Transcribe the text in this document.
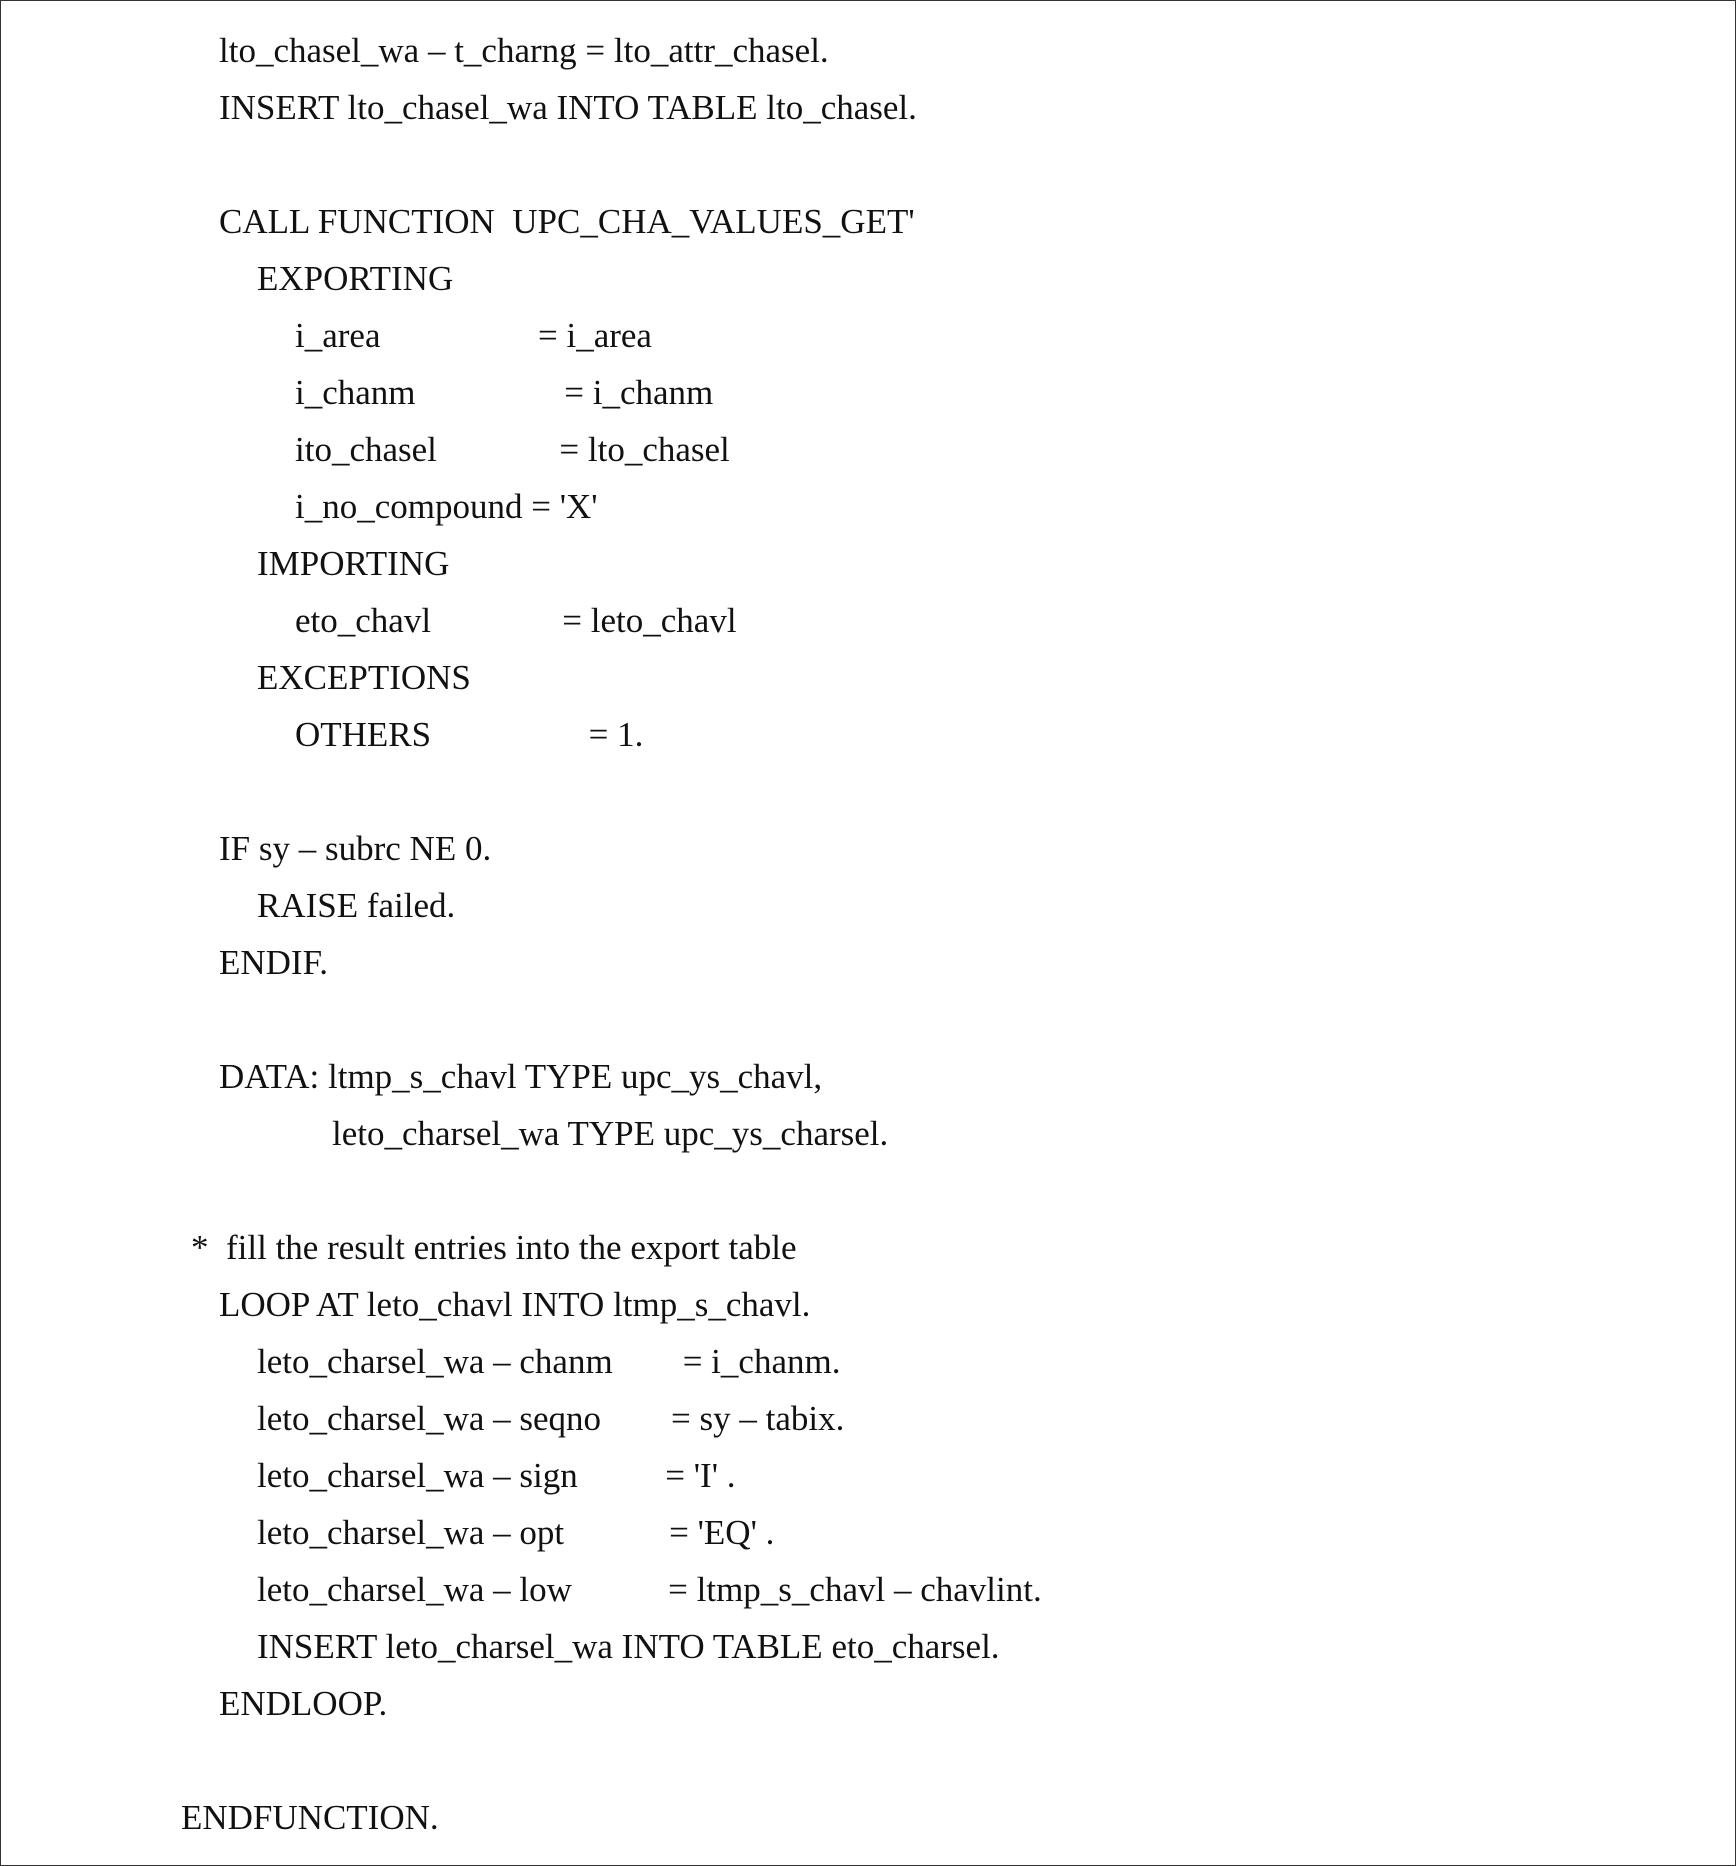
lto_chasel_wa – t_charng = lto_attr_chasel.

INSERT lto_chasel_wa INTO TABLE lto_chasel.

CALL FUNCTION  UPC_CHA_VALUES_GET'

EXPORTING

i_area                  = i_area

i_chanm                 = i_chanm

ito_chasel              = lto_chasel

i_no_compound = 'X'

IMPORTING

eto_chavl               = leto_chavl

EXCEPTIONS

OTHERS                  = 1.

IF sy – subrc NE 0.

RAISE failed.

ENDIF.

DATA: ltmp_s_chavl TYPE upc_ys_chavl,

leto_charsel_wa TYPE upc_ys_charsel.

*  fill the result entries into the export table

LOOP AT leto_chavl INTO ltmp_s_chavl.

leto_charsel_wa – chanm        = i_chanm.

leto_charsel_wa – seqno        = sy – tabix.

leto_charsel_wa – sign          = 'I' .

leto_charsel_wa – opt            = 'EQ' .

leto_charsel_wa – low           = ltmp_s_chavl – chavlint.

INSERT leto_charsel_wa INTO TABLE eto_charsel.

ENDLOOP.

ENDFUNCTION.
